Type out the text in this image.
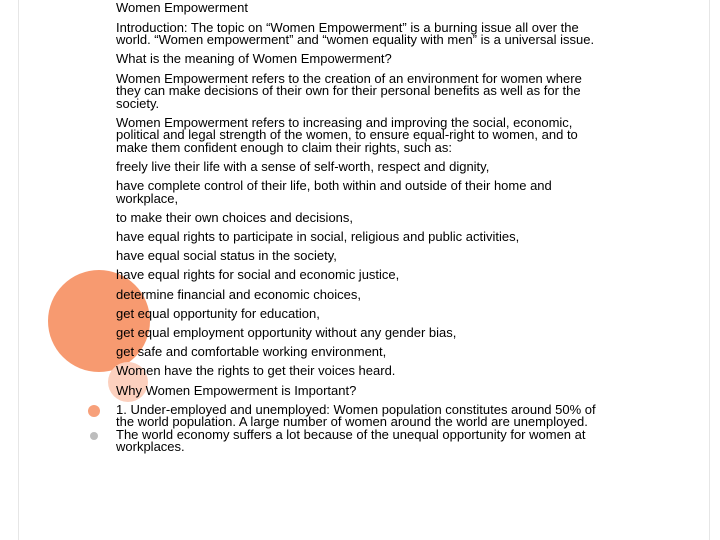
Women Empowerment

Introduction: The topic on “Women Empowerment” is a burning issue all over the world. “Women empowerment” and “women equality with men” is a universal issue.

What is the meaning of Women Empowerment?

Women Empowerment refers to the creation of an environment for women where they can make decisions of their own for their personal benefits as well as for the society.

Women Empowerment refers to increasing and improving the social, economic, political and legal strength of the women, to ensure equal-right to women, and to make them confident enough to claim their rights, such as:

freely live their life with a sense of self-worth, respect and dignity,

have complete control of their life, both within and outside of their home and workplace,

to make their own choices and decisions,

have equal rights to participate in social, religious and public activities,

have equal social status in the society,

have equal rights for social and economic justice,

determine financial and economic choices,

get equal opportunity for education,

get equal employment opportunity without any gender bias,

get safe and comfortable working environment,

Women have the rights to get their voices heard.

Why Women Empowerment is Important?

1. Under-employed and unemployed: Women population constitutes around 50% of the world population. A large number of women around the world are unemployed. The world economy suffers a lot because of the unequal opportunity for women at workplaces.
